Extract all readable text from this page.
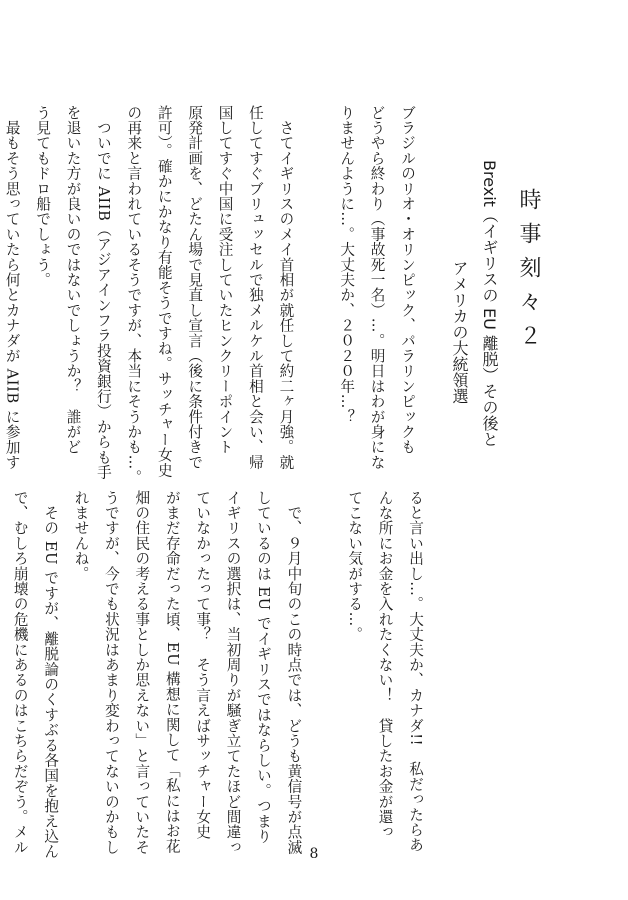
時事刻々２
Brexit（イギリスの EU 離脱）その後と
アメリカの大統領選
ブラジルのリオ・オリンピック、パラリンピックも
どうやら終わり（事故死一名）…。明日はわが身にな
りませんように…。大丈夫か、２０２０年…？

　さてイギリスのメイ首相が就任して約二ヶ月強。就
任してすぐブリュッセルで独メルケル首相と会い、帰
国してすぐ中国に受注していたヒンクリーポイント
原発計画を、どたん場で見直し宣言（後に条件付きで
許可）。確かにかなり有能そうですね。サッチャー女史
の再来と言われているそうですが、本当にそうかも…。
　ついでに AIIB（アジアインフラ投資銀行）からも手
を退いた方が良いのではないでしょうか？　誰がど
う見てもドロ船でしょう。
　最もそう思っていたら何とカナダが AIIB に参加す
ると言い出し…。大丈夫か、カナダ!!　私だったらあ
んな所にお金を入れたくない！　貸したお金が還っ
てこない気がする…。

　で、９月中旬のこの時点では、どうも黄信号が点滅
しているのは EU でイギリスではならしい。つまり
イギリスの選択は、当初周りが騒ぎ立てたほど間違っ
ていなかったって事？　そう言えばサッチャー女史
がまだ存命だった頃、EU 構想に関して「私にはお花
畑の住民の考える事としか思えない」と言っていたそ
うですが、今でも状況はあまり変わってないのかもし
れませんね。
　その EU ですが、離脱論のくすぶる各国を抱え込ん
で、むしろ崩壊の危機にあるのはこちらだぞう。メル	8
